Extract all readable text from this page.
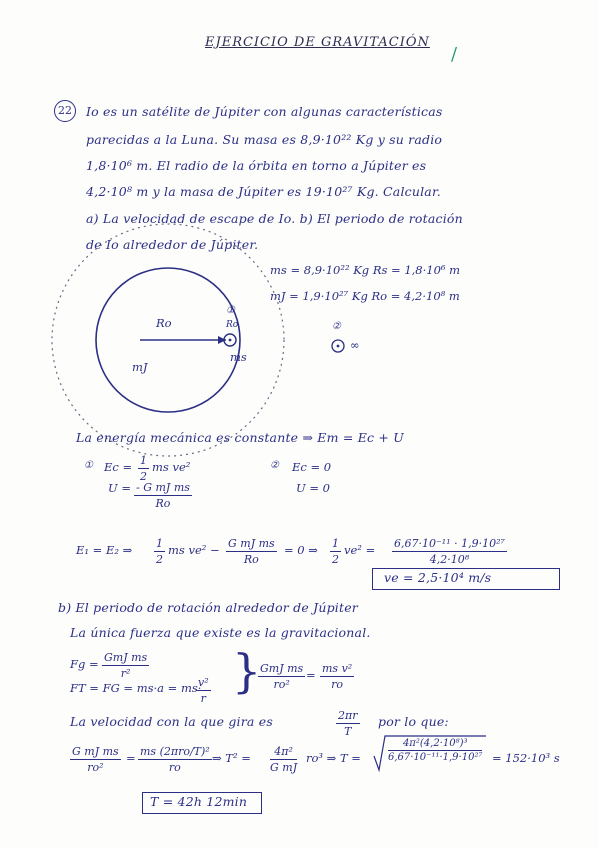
EJERCICIO DE GRAVITACIÓN
/
22	Io es un satélite de Júpiter con algunas características
parecidas a la Luna. Su masa es 8,9·10²² Kg y su radio
1,8·10⁶ m. El radio de la órbita en torno a Júpiter es
4,2·10⁸ m y la masa de Júpiter es 19·10²⁷ Kg. Calcular.
a) La velocidad de escape de Io. b) El periodo de rotación
de Io alrededor de Júpiter.
ms = 8,9·10²² Kg Rs = 1,8·10⁶ m
mJ = 1,9·10²⁷ Kg Ro = 4,2·10⁸ m
Ro
mJ
①
Ro
ms
②
∞
La energía mecánica es constante ⇒ Em = Ec + U
① $Ec = \frac{1}{2}$ ms ve²
$U = \frac{\text{- G mJ ms}}{Ro}$
② Ec = 0
U = 0
E₁ = E₂ ⇒ $\frac{1}{2}$ ms $ve^2 - \frac{\text{G mJ ms}}{Ro} = 0$ ⇒ $\frac{1}{2} ve^2 = \frac{\text{6,67·10⁻¹¹ · 1,9·10²⁷}}{\text{4,2·10⁸}}$
ve = 2,5·10⁴ m/s
b) El periodo de rotación alrededor de Júpiter
La única fuerza que existe es la gravitacional.
Fg = GmJ ms
r²
FT = FG = ms·a = ms·
$\frac{\text{v²}}{r}$ }
GmJ ms
ro²
= $\frac{\text{ms v²}}{ro}$
La velocidad con la que gira es	$\frac{2\pi r}{T}$ por lo que:
$\frac{\text{G mJ ms}}{\text{ro²}}$ = ms (2πro/T)²
ro
⇒ $T^2 = \frac{\text{4π²}}{\text{G mJ}} ro^3$ ⇒ T =	$\frac{\text{4π²(4,2·10⁸)³}}{\text{6,67·10⁻¹¹·1,9·10²⁷}} = 152\cdot 10^3$ s
T = 42h 12min
